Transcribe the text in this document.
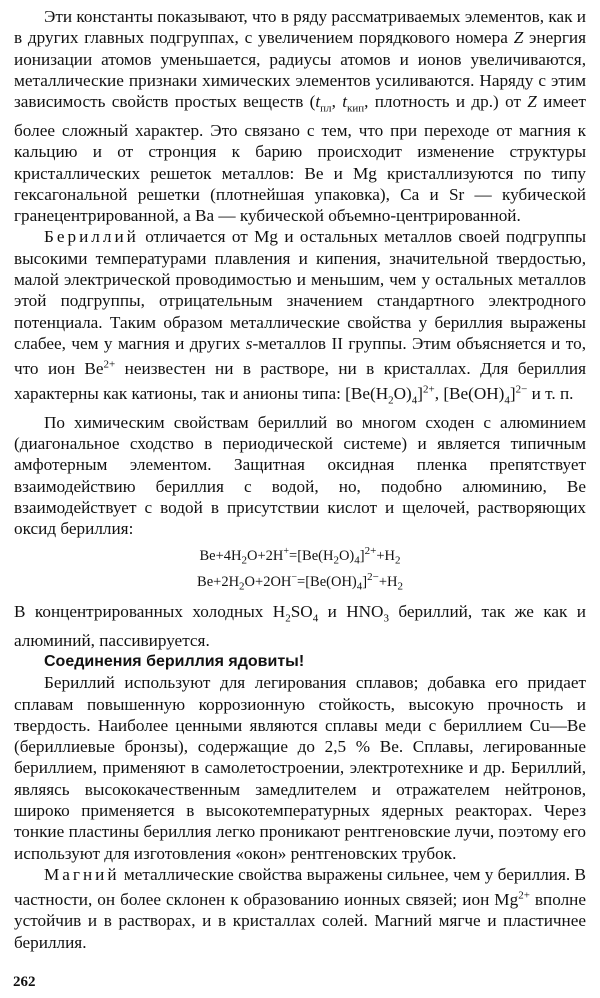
Эти константы показывают, что в ряду рассматриваемых элементов, как и в других главных подгруппах, с увеличением порядкового номера Z энергия ионизации атомов уменьшается, радиусы атомов и ионов увеличиваются, металлические признаки химических элементов усиливаются. Наряду с этим зависимость свойств простых веществ ($t_{пл}$, $t_{кип}$, плотность и др.) от Z имеет более сложный характер. Это связано с тем, что при переходе от магния к кальцию и от стронция к барию происходит изменение структуры кристаллических решеток металлов: Be и Mg кристаллизуются по типу гексагональной решетки (плотнейшая упаковка), Ca и Sr — кубической гранецентрированной, а Ba — кубической объемно-центрированной.

Бериллий отличается от Mg и остальных металлов своей подгруппы высокими температурами плавления и кипения, значительной твердостью, малой электрической проводимостью и меньшим, чем у остальных металлов этой подгруппы, отрицательным значением стандартного электродного потенциала. Таким образом металлические свойства у бериллия выражены слабее, чем у магния и других s-металлов II группы. Этим объясняется и то, что ион $Be^{2+}$ неизвестен ни в растворе, ни в кристаллах. Для бериллия характерны как катионы, так и анионы типа: $[Be(H_2O)_4]^{2+}$, $[Be(OH)_4]^{2-}$ и т. п.

По химическим свойствам бериллий во многом сходен с алюминием (диагональное сходство в периодической системе) и является типичным амфотерным элементом. Защитная оксидная пленка препятствует взаимодействию бериллия с водой, но, подобно алюминию, Be взаимодействует с водой в присутствии кислот и щелочей, растворяющих оксид бериллия:

$Be+4H_2O+2H^+=[Be(H_2O)_4]^{2+}+H_2$
$Be+2H_2O+2OH^-=[Be(OH)_4]^{2-}+H_2$

В концентрированных холодных $H_2SO_4$ и $HNO_3$ бериллий, так же как и алюминий, пассивируется.

Соединения бериллия ядовиты!

Бериллий используют для легирования сплавов; добавка его придает сплавам повышенную коррозионную стойкость, высокую прочность и твердость. Наиболее ценными являются сплавы меди с бериллием Cu—Be (бериллиевые бронзы), содержащие до 2,5 % Be. Сплавы, легированные бериллием, применяют в самолетостроении, электротехнике и др. Бериллий, являясь высококачественным замедлителем и отражателем нейтронов, широко применяется в высокотемпературных ядерных реакторах. Через тонкие пластины бериллия легко проникают рентгеновские лучи, поэтому его используют для изготовления «окон» рентгеновских трубок.

Магний металлические свойства выражены сильнее, чем у бериллия. В частности, он более склонен к образованию ионных связей; ион $Mg^{2+}$ вполне устойчив и в растворах, и в кристаллах солей. Магний мягче и пластичнее бериллия.

262
